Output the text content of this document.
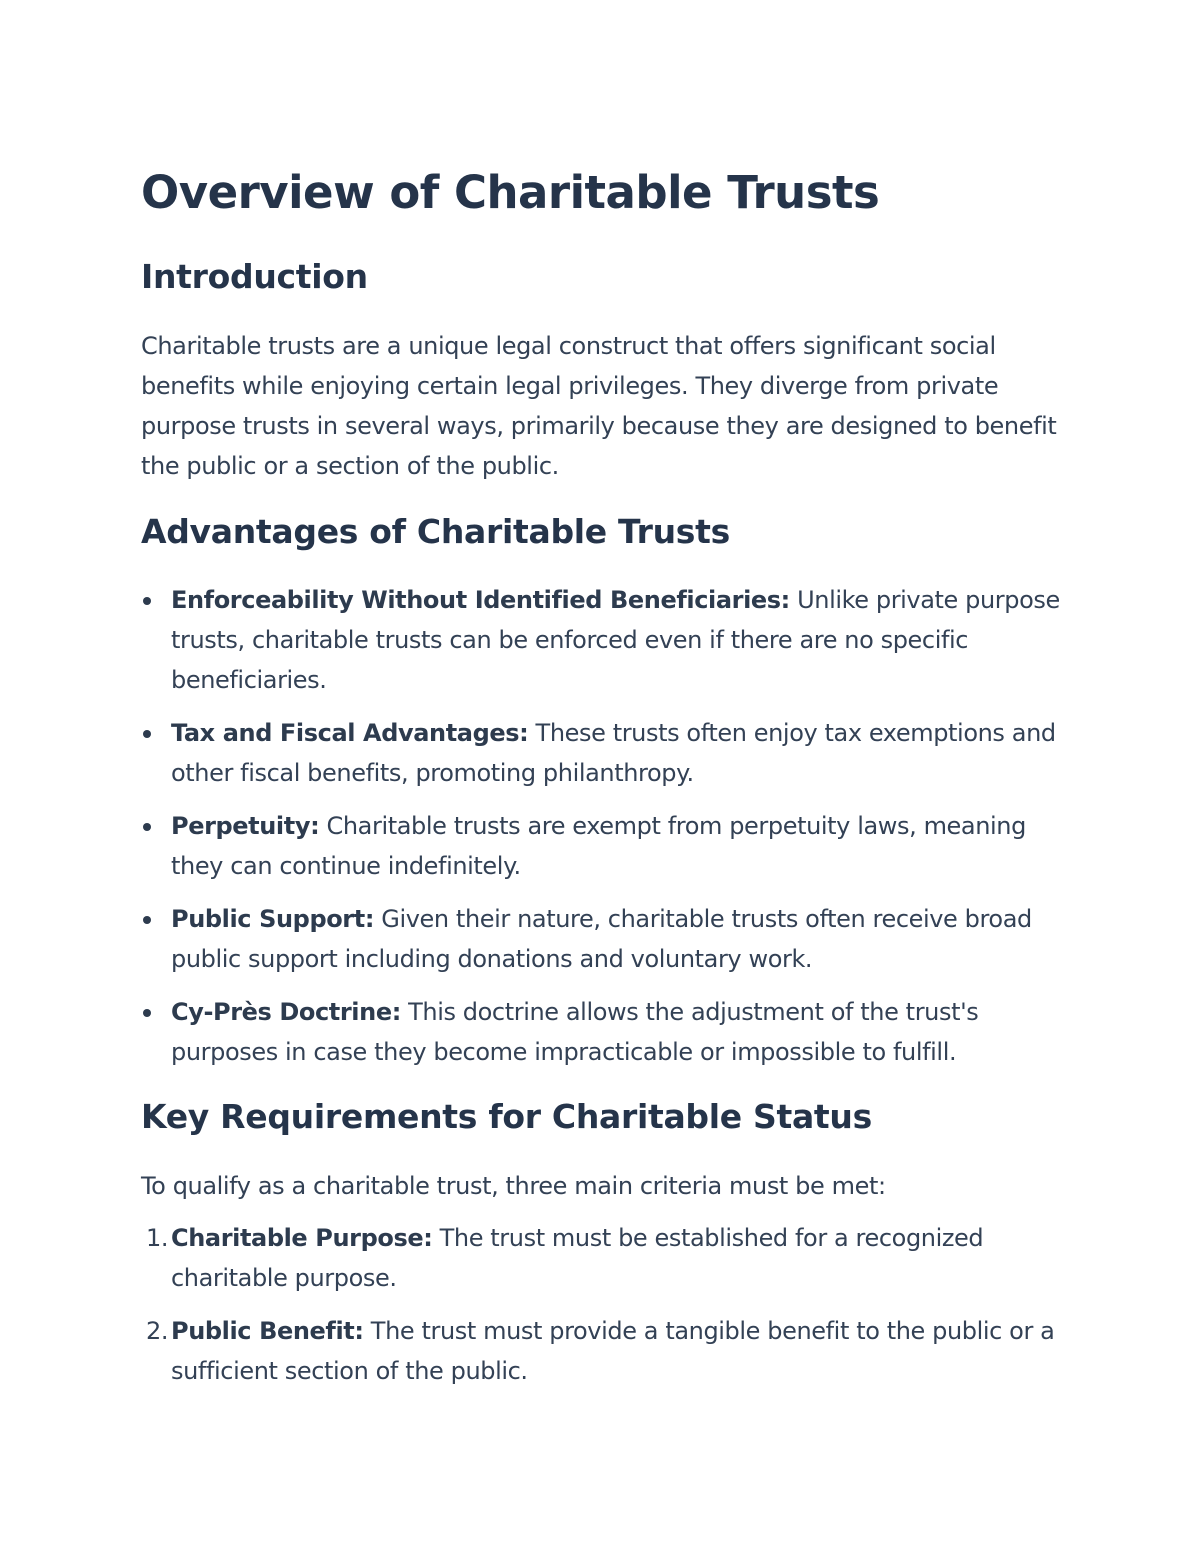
Overview of Charitable Trusts
Introduction

Charitable trusts are a unique legal construct that offers significant social benefits while enjoying certain legal privileges. They diverge from private purpose trusts in several ways, primarily because they are designed to benefit the public or a section of the public.

Advantages of Charitable Trusts
Enforceability Without Identified Beneficiaries: Unlike private purpose trusts, charitable trusts can be enforced even if there are no specific beneficiaries.
Tax and Fiscal Advantages: These trusts often enjoy tax exemptions and other fiscal benefits, promoting philanthropy.
Perpetuity: Charitable trusts are exempt from perpetuity laws, meaning they can continue indefinitely.
Public Support: Given their nature, charitable trusts often receive broad public support including donations and voluntary work.
Cy-Près Doctrine: This doctrine allows the adjustment of the trust's purposes in case they become impracticable or impossible to fulfill.
Key Requirements for Charitable Status

To qualify as a charitable trust, three main criteria must be met:

1. Charitable Purpose: The trust must be established for a recognized charitable purpose.
2. Public Benefit: The trust must provide a tangible benefit to the public or a sufficient section of the public.
